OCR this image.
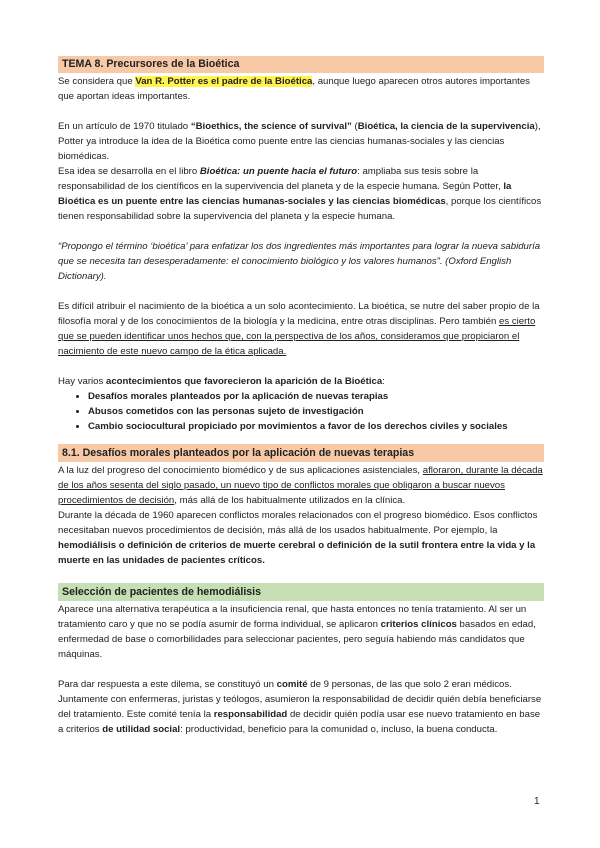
TEMA 8. Precursores de la Bioética

Se considera que Van R. Potter es el padre de la Bioética, aunque luego aparecen otros autores importantes que aportan ideas importantes.

En un artículo de 1970 titulado “Bioethics, the science of survival” (Bioética, la ciencia de la supervivencia), Potter ya introduce la idea de la Bioética como puente entre las ciencias humanas-sociales y las ciencias biomédicas.

Esa idea se desarrolla en el libro Bioética: un puente hacia el futuro: ampliaba sus tesis sobre la responsabilidad de los científicos en la supervivencia del planeta y de la especie humana. Según Potter, la Bioética es un puente entre las ciencias humanas-sociales y las ciencias biomédicas, porque los científicos tienen responsabilidad sobre la supervivencia del planeta y la especie humana.

“Propongo el término ‘bioética’ para enfatizar los dos ingredientes más importantes para lograr la nueva sabiduría que se necesita tan desesperadamente: el conocimiento biológico y los valores humanos”. (Oxford English Dictionary).

Es difícil atribuir el nacimiento de la bioética a un solo acontecimiento. La bioética, se nutre del saber propio de la filosofía moral y de los conocimientos de la biología y la medicina, entre otras disciplinas. Pero también es cierto que se pueden identificar unos hechos que, con la perspectiva de los años, consideramos que propiciaron el nacimiento de este nuevo campo de la ética aplicada.

Hay varios acontecimientos que favorecieron la aparición de la Bioética:

• Desafíos morales planteados por la aplicación de nuevas terapias
• Abusos cometidos con las personas sujeto de investigación
• Cambio sociocultural propiciado por movimientos a favor de los derechos civiles y sociales
8.1. Desafíos morales planteados por la aplicación de nuevas terapias

A la luz del progreso del conocimiento biomédico y de sus aplicaciones asistenciales, afloraron, durante la década de los años sesenta del siglo pasado, un nuevo tipo de conflictos morales que obligaron a buscar nuevos procedimientos de decisión, más allá de los habitualmente utilizados en la clínica.

Durante la década de 1960 aparecen conflictos morales relacionados con el progreso biomédico. Esos conflictos necesitaban nuevos procedimientos de decisión, más allá de los usados habitualmente. Por ejemplo, la hemodiálisis o definición de criterios de muerte cerebral o definición de la sutil frontera entre la vida y la muerte en las unidades de pacientes críticos.

Selección de pacientes de hemodiálisis

Aparece una alternativa terapéutica a la insuficiencia renal, que hasta entonces no tenía tratamiento. Al ser un tratamiento caro y que no se podía asumir de forma individual, se aplicaron criterios clínicos basados en edad, enfermedad de base o comorbilidades para seleccionar pacientes, pero seguía habiendo más candidatos que máquinas.

Para dar respuesta a este dilema, se constituyó un comité de 9 personas, de las que solo 2 eran médicos. Juntamente con enfermeras, juristas y teólogos, asumieron la responsabilidad de decidir quién debía beneficiarse del tratamiento. Este comité tenía la responsabilidad de decidir quién podía usar ese nuevo tratamiento en base a criterios de utilidad social: productividad, beneficio para la comunidad o, incluso, la buena conducta.

1
